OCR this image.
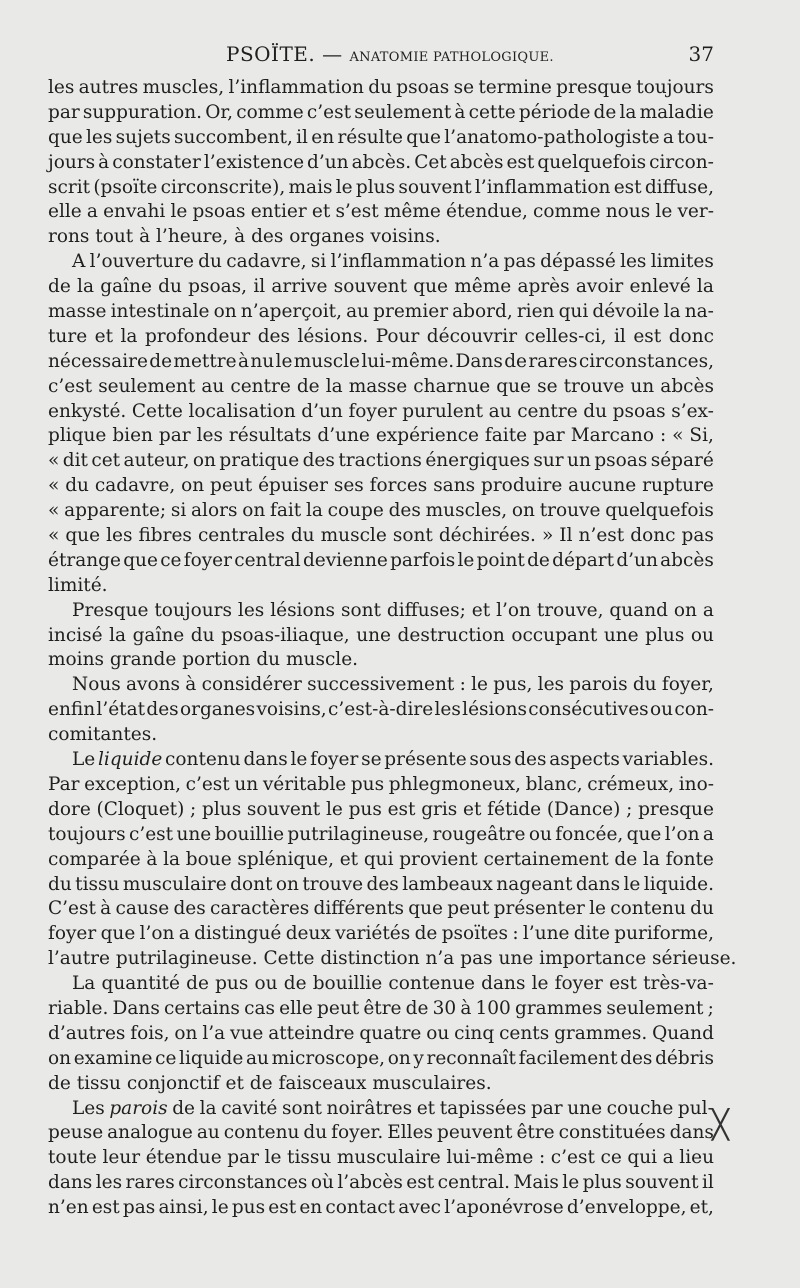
PSOÏTE. — ANATOMIE PATHOLOGIQUE.	37
les autres muscles, l’inflammation du psoas se termine presque toujours
par suppuration. Or, comme c’est seulement à cette période de la maladie
que les sujets succombent, il en résulte que l’anatomo-pathologiste a tou-
jours à constater l’existence d’un abcès. Cet abcès est quelquefois circon-
scrit (psoïte circonscrite), mais le plus souvent l’inflammation est diffuse,
elle a envahi le psoas entier et s’est même étendue, comme nous le ver-
rons
tout
à
l’heure,
à
des
organes
voisins.
A l’ouverture du cadavre, si l’inflammation n’a pas dépassé les limites
de la gaîne du psoas, il arrive souvent que même après avoir enlevé la
masse intestinale on n’aperçoit, au premier abord, rien qui dévoile la na-
ture et la profondeur des lésions. Pour découvrir celles-ci, il est donc
nécessaire de mettre à nu le muscle lui-même. Dans de rares circonstances,
c’est seulement au centre de la masse charnue que se trouve un abcès
enkysté. Cette localisation d’un foyer purulent au centre du psoas s’ex-
plique bien par les résultats d’une expérience faite par Marcano : « Si,
« dit cet auteur, on pratique des tractions énergiques sur un psoas séparé
« du cadavre, on peut épuiser ses forces sans produire aucune rupture
« apparente; si alors on fait la coupe des muscles, on trouve quelquefois
« que les fibres centrales du muscle sont déchirées. » Il n’est donc pas
étrange que ce foyer central devienne parfois le point de départ d’un abcès
limité.
Presque toujours les lésions sont diffuses; et l’on trouve, quand on a
incisé la gaîne du psoas-iliaque, une destruction occupant une plus ou
moins
grande
portion
du
muscle.
Nous avons à considérer successivement : le pus, les parois du foyer,
enfin l’état des organes voisins, c’est-à-dire les lésions consécutives ou con-
comitantes.
Le liquide contenu dans le foyer se présente sous des aspects variables.
Par exception, c’est un véritable pus phlegmoneux, blanc, crémeux, ino-
dore (Cloquet) ; plus souvent le pus est gris et fétide (Dance) ; presque
toujours c’est une bouillie putrilagineuse, rougeâtre ou foncée, que l’on a
comparée à la boue splénique, et qui provient certainement de la fonte
du tissu musculaire dont on trouve des lambeaux nageant dans le liquide.
C’est à cause des caractères différents que peut présenter le contenu du
foyer que l’on a distingué deux variétés de psoïtes : l’une dite puriforme,
l’autre
putrilagineuse.
Cette
distinction
n’a
pas
une
importance
sérieuse.
La quantité de pus ou de bouillie contenue dans le foyer est très-va-
riable. Dans certains cas elle peut être de 30 à 100 grammes seulement ;
d’autres fois, on l’a vue atteindre quatre ou cinq cents grammes. Quand
on examine ce liquide au microscope, on y reconnaît facilement des débris
de
tissu
conjonctif
et
de
faisceaux
musculaires.
Les parois de la cavité sont noirâtres et tapissées par une couche pul-
peuse analogue au contenu du foyer. Elles peuvent être constituées dans
toute leur étendue par le tissu musculaire lui-même : c’est ce qui a lieu
dans les rares circonstances où l’abcès est central. Mais le plus souvent il
n’en est pas ainsi, le pus est en contact avec l’aponévrose d’enveloppe, et,
╳
